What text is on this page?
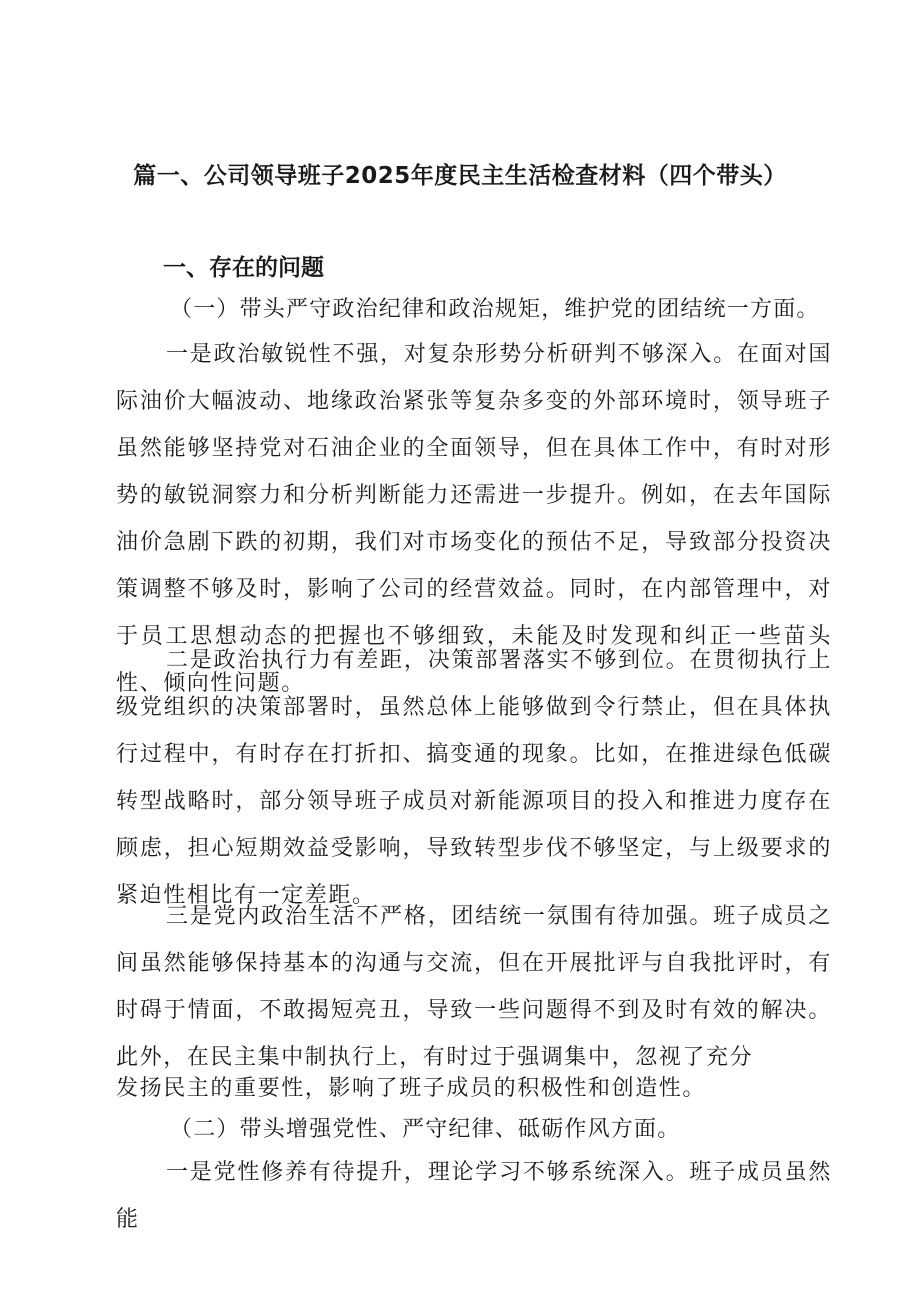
篇一、公司领导班子2025年度民主生活检查材料（四个带头）
一、存在的问题

（一）带头严守政治纪律和政治规矩，维护党的团结统一方面。

一是政治敏锐性不强，对复杂形势分析研判不够深入。在面对国际油价大幅波动、地缘政治紧张等复杂多变的外部环境时，领导班子虽然能够坚持党对石油企业的全面领导，但在具体工作中，有时对形势的敏锐洞察力和分析判断能力还需进一步提升。例如，在去年国际油价急剧下跌的初期，我们对市场变化的预估不足，导致部分投资决策调整不够及时，影响了公司的经营效益。同时，在内部管理中，对于员工思想动态的把握也不够细致，未能及时发现和纠正一些苗头性、倾向性问题。

二是政治执行力有差距，决策部署落实不够到位。在贯彻执行上级党组织的决策部署时，虽然总体上能够做到令行禁止，但在具体执行过程中，有时存在打折扣、搞变通的现象。比如，在推进绿色低碳转型战略时，部分领导班子成员对新能源项目的投入和推进力度存在顾虑，担心短期效益受影响，导致转型步伐不够坚定，与上级要求的紧迫性相比有一定差距。

三是党内政治生活不严格，团结统一氛围有待加强。班子成员之间虽然能够保持基本的沟通与交流，但在开展批评与自我批评时，有时碍于情面，不敢揭短亮丑，导致一些问题得不到及时有效的解决。此外，在民主集中制执行上，有时过于强调集中，忽视了充分

发扬民主的重要性，影响了班子成员的积极性和创造性。

（二）带头增强党性、严守纪律、砥砺作风方面。

一是党性修养有待提升，理论学习不够系统深入。班子成员虽然能
